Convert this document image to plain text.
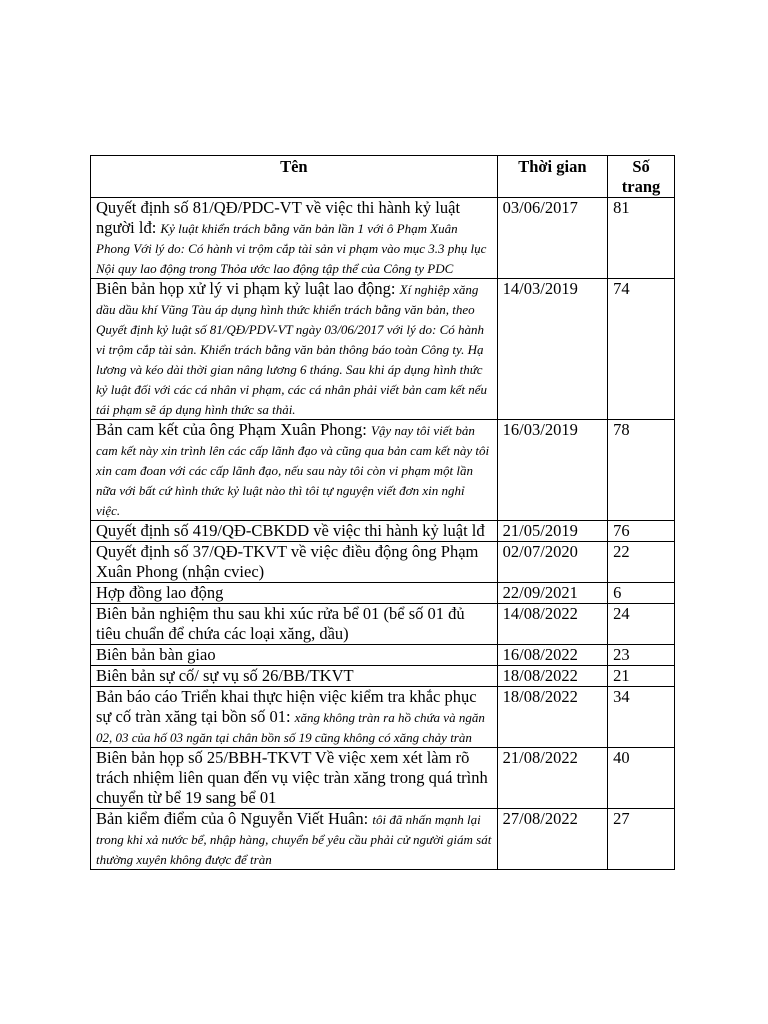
Tên	Thời gian	Số trang
Quyết định số 81/QĐ/PDC-VT về việc thi hành kỷ luật người lđ: Kỷ luật khiển trách bằng văn bản lần 1 với ô Phạm Xuân Phong Với lý do: Có hành vi trộm cắp tài sản vi phạm vào mục 3.3 phụ lục Nội quy lao động trong Thỏa ước lao động tập thể của Công ty PDC	03/06/2017	81
Biên bản họp xử lý vi phạm kỷ luật lao động: Xí nghiệp xăng dầu dầu khí Vũng Tàu áp dụng hình thức khiển trách bằng văn bản, theo Quyết định kỷ luật số 81/QĐ/PDV-VT ngày 03/06/2017 với lý do: Có hành vi trộm cắp tài sản. Khiển trách bằng văn bản thông báo toàn Công ty. Hạ lương và kéo dài thời gian nâng lương 6 tháng. Sau khi áp dụng hình thức kỷ luật đối với các cá nhân vi phạm, các cá nhân phải viết bản cam kết nếu tái phạm sẽ áp dụng hình thức sa thải.	14/03/2019	74
Bản cam kết của ông Phạm Xuân Phong: Vậy nay tôi viết bản cam kết này xin trình lên các cấp lãnh đạo và cũng qua bản cam kết này tôi xin cam đoan với các cấp lãnh đạo, nếu sau này tôi còn vi phạm một lần nữa với bất cứ hình thức kỷ luật nào thì tôi tự nguyện viết đơn xin nghỉ việc.	16/03/2019	78
Quyết định số 419/QĐ-CBKDD về việc thi hành kỷ luật lđ	21/05/2019	76
Quyết định số 37/QĐ-TKVT về việc điều động ông Phạm Xuân Phong (nhận cviec)	02/07/2020	22
Hợp đồng lao động	22/09/2021	6
Biên bản nghiệm thu sau khi xúc rửa bể 01 (bể số 01 đủ tiêu chuẩn để chứa các loại xăng, dầu)	14/08/2022	24
Biên bản bàn giao	16/08/2022	23
Biên bản sự cố/ sự vụ số 26/BB/TKVT	18/08/2022	21
Bản báo cáo Triển khai thực hiện việc kiểm tra khắc phục sự cố tràn xăng tại bồn số 01: xăng không tràn ra hồ chứa và ngăn 02, 03 của hố 03 ngăn tại chân bồn số 19 cũng không có xăng chảy tràn	18/08/2022	34
Biên bản họp số 25/BBH-TKVT Về việc xem xét làm rõ trách nhiệm liên quan đến vụ việc tràn xăng trong quá trình chuyển từ bể 19 sang bể 01	21/08/2022	40
Bản kiểm điểm của ô Nguyễn Viết Huân: tôi đã nhấn mạnh lại trong khi xả nước bể, nhập hàng, chuyển bể yêu cầu phải cử người giám sát thường xuyên không được để tràn	27/08/2022	27
